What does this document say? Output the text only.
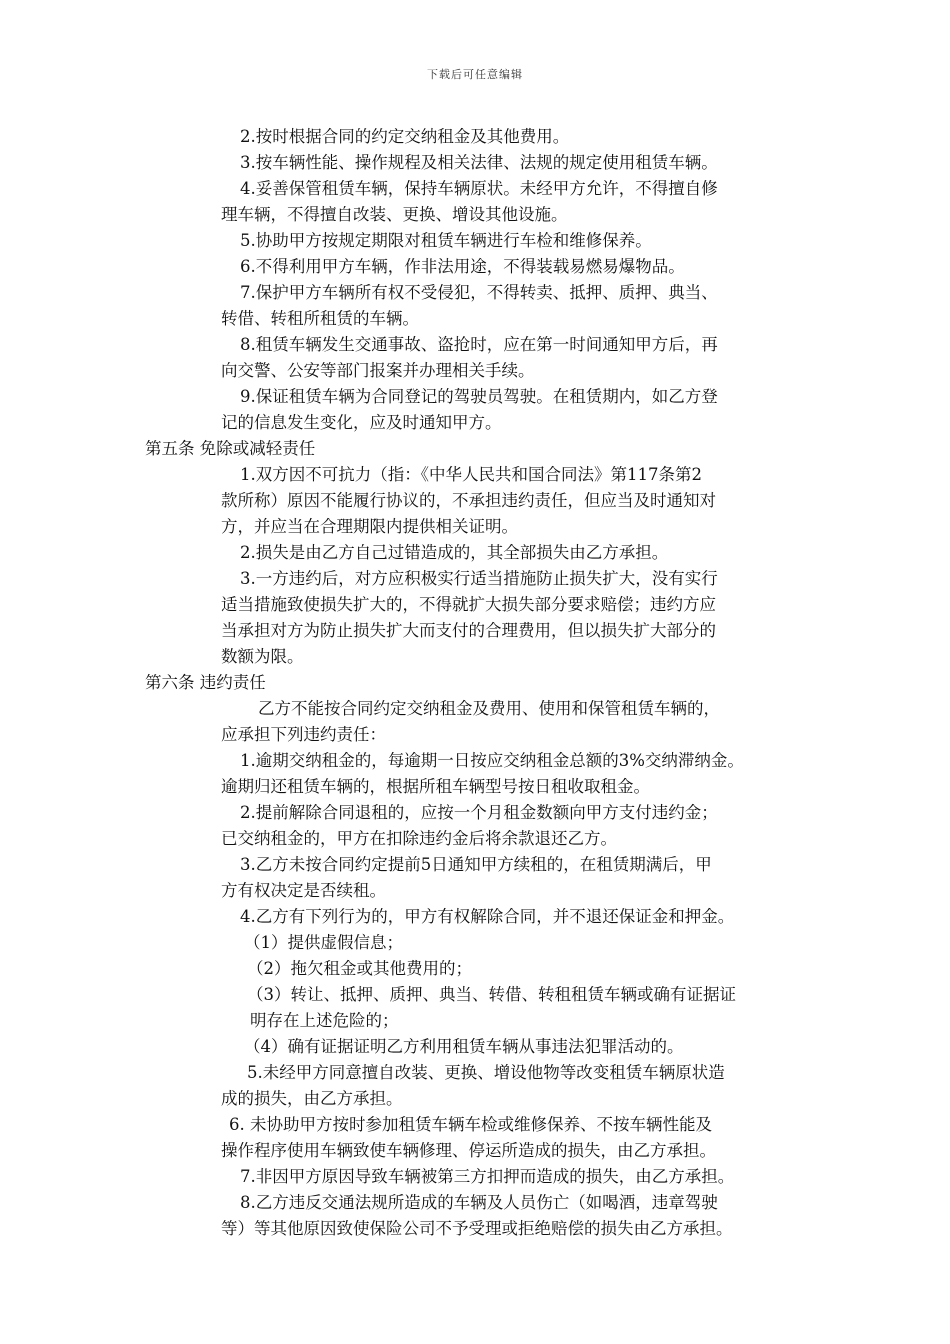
下载后可任意编辑
2.按时根据合同的约定交纳租金及其他费用。
3.按车辆性能、操作规程及相关法律、法规的规定使用租赁车辆。
4.妥善保管租赁车辆，保持车辆原状。未经甲方允许，不得擅自修
理车辆，不得擅自改装、更换、增设其他设施。
5.协助甲方按规定期限对租赁车辆进行车检和维修保养。
6.不得利用甲方车辆，作非法用途，不得装载易燃易爆物品。
7.保护甲方车辆所有权不受侵犯，不得转卖、抵押、质押、典当、
转借、转租所租赁的车辆。
8.租赁车辆发生交通事故、盗抢时，应在第一时间通知甲方后，再
向交警、公安等部门报案并办理相关手续。
9.保证租赁车辆为合同登记的驾驶员驾驶。在租赁期内，如乙方登
记的信息发生变化，应及时通知甲方。
第五条 免除或减轻责任
1.双方因不可抗力（指：《中华人民共和国合同法》第117条第2
款所称）原因不能履行协议的，不承担违约责任，但应当及时通知对
方，并应当在合理期限内提供相关证明。
2.损失是由乙方自己过错造成的，其全部损失由乙方承担。
3.一方违约后，对方应积极实行适当措施防止损失扩大，没有实行
适当措施致使损失扩大的，不得就扩大损失部分要求赔偿；违约方应
当承担对方为防止损失扩大而支付的合理费用，但以损失扩大部分的
数额为限。
第六条 违约责任
乙方不能按合同约定交纳租金及费用、使用和保管租赁车辆的，
应承担下列违约责任：
1.逾期交纳租金的，每逾期一日按应交纳租金总额的3%交纳滞纳金。
逾期归还租赁车辆的，根据所租车辆型号按日租收取租金。
2.提前解除合同退租的，应按一个月租金数额向甲方支付违约金；
已交纳租金的，甲方在扣除违约金后将余款退还乙方。
3.乙方未按合同约定提前5日通知甲方续租的，在租赁期满后，甲
方有权决定是否续租。
4.乙方有下列行为的，甲方有权解除合同，并不退还保证金和押金。
（1）提供虚假信息；
（2）拖欠租金或其他费用的；
（3）转让、抵押、质押、典当、转借、转租租赁车辆或确有证据证
明存在上述危险的；
（4）确有证据证明乙方利用租赁车辆从事违法犯罪活动的。
5.未经甲方同意擅自改装、更换、增设他物等改变租赁车辆原状造
成的损失，由乙方承担。
6. 未协助甲方按时参加租赁车辆车检或维修保养、不按车辆性能及
操作程序使用车辆致使车辆修理、停运所造成的损失，由乙方承担。
7.非因甲方原因导致车辆被第三方扣押而造成的损失，由乙方承担。
8.乙方违反交通法规所造成的车辆及人员伤亡（如喝酒，违章驾驶
等）等其他原因致使保险公司不予受理或拒绝赔偿的损失由乙方承担。
